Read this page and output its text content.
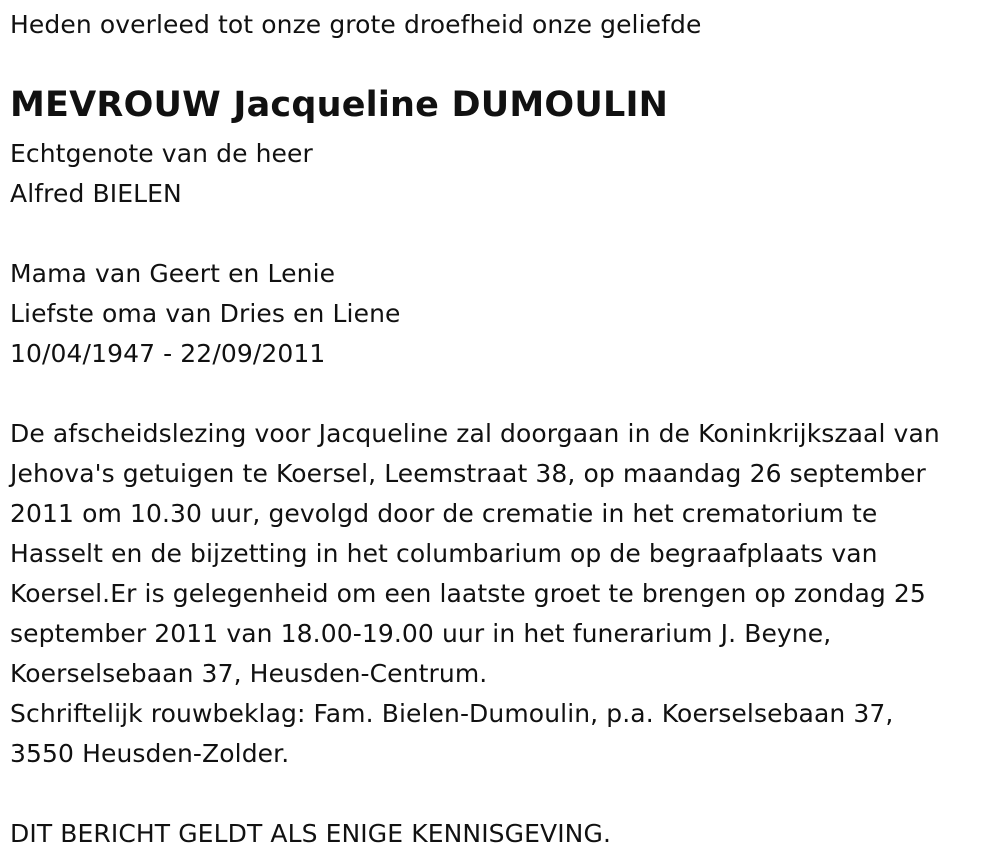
Heden overleed tot onze grote droefheid onze geliefde
MEVROUW Jacqueline DUMOULIN
Echtgenote van de heer
Alfred BIELEN
Mama van Geert en Lenie
Liefste oma van Dries en Liene
10/04/1947 - 22/09/2011
De afscheidslezing voor Jacqueline zal doorgaan in de Koninkrijkszaal van
Jehova's getuigen te Koersel, Leemstraat 38, op maandag 26 september
2011 om 10.30 uur, gevolgd door de crematie in het crematorium te
Hasselt en de bijzetting in het columbarium op de begraafplaats van
Koersel.Er is gelegenheid om een laatste groet te brengen op zondag 25
september 2011 van 18.00-19.00 uur in het funerarium J. Beyne,
Koerselsebaan 37, Heusden-Centrum.
Schriftelijk rouwbeklag: Fam. Bielen-Dumoulin, p.a. Koerselsebaan 37,
3550 Heusden-Zolder.
DIT BERICHT GELDT ALS ENIGE KENNISGEVING.
